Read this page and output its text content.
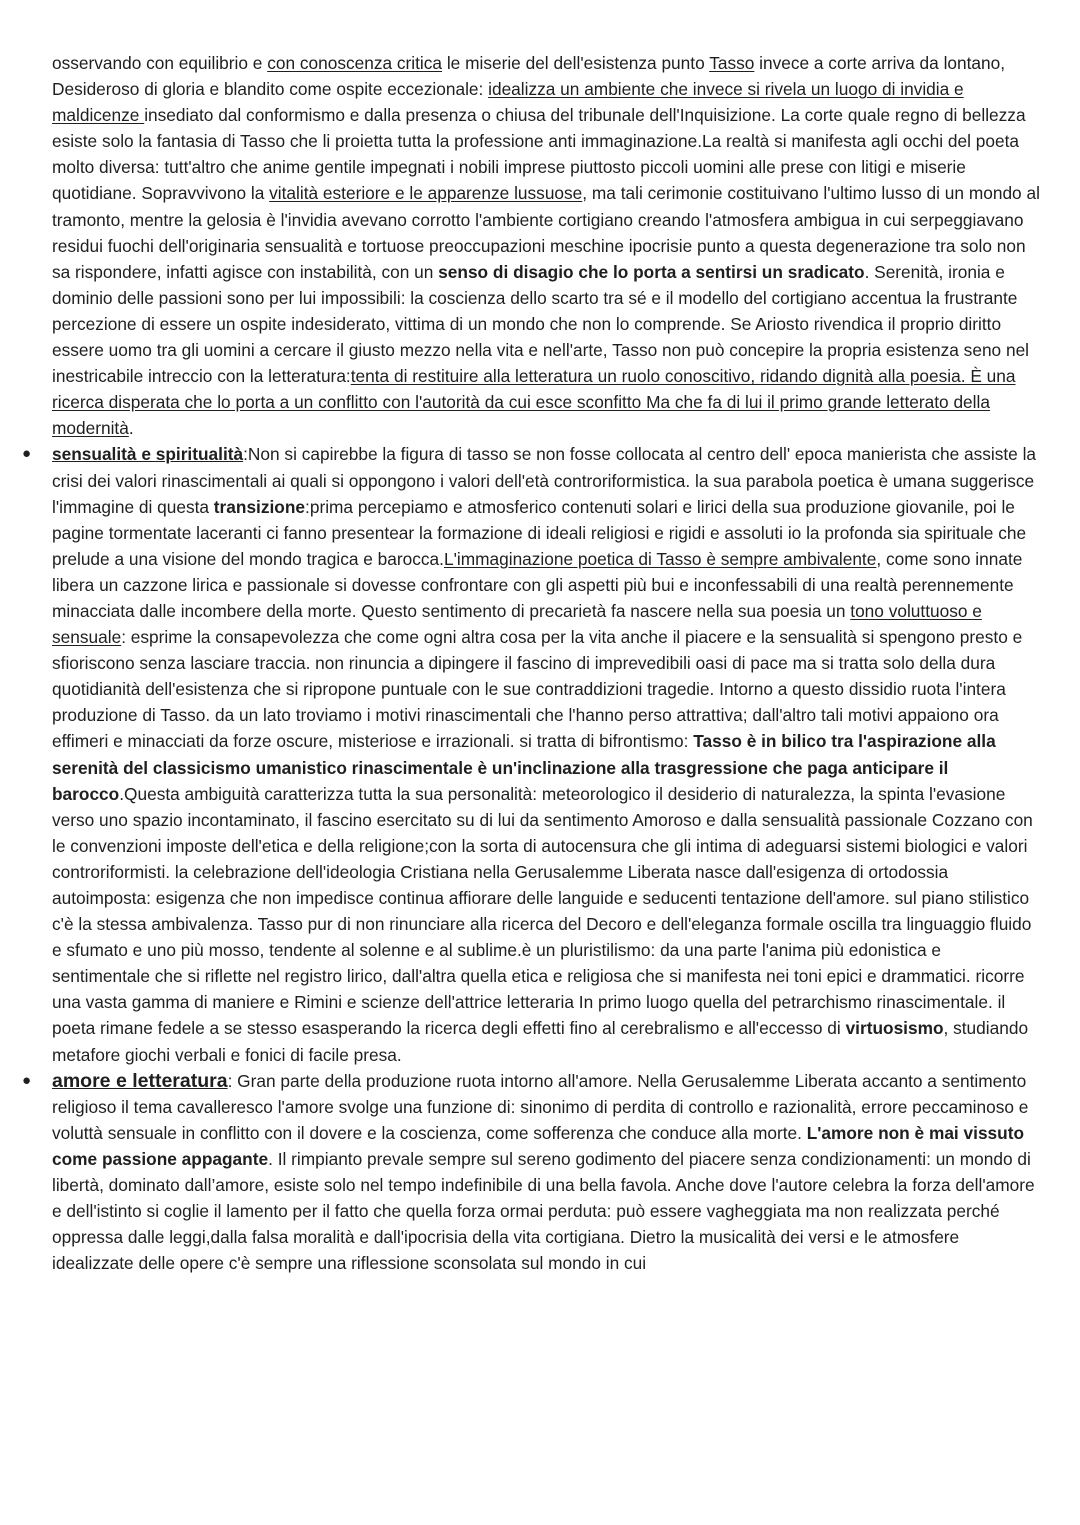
osservando con equilibrio e con conoscenza critica le miserie del dell'esistenza punto Tasso invece a corte arriva da lontano, Desideroso di gloria e blandito come ospite eccezionale: idealizza un ambiente che invece si rivela un luogo di invidia e maldicenze insediato dal conformismo e dalla presenza o chiusa del tribunale dell'Inquisizione. La corte quale regno di bellezza esiste solo la fantasia di Tasso che li proietta tutta la professione anti immaginazione.La realtà si manifesta agli occhi del poeta molto diversa: tutt'altro che anime gentile impegnati i nobili imprese piuttosto piccoli uomini alle prese con litigi e miserie quotidiane. Sopravvivono la vitalità esteriore e le apparenze lussuose, ma tali cerimonie costituivano l'ultimo lusso di un mondo al tramonto, mentre la gelosia è l'invidia avevano corrotto l'ambiente cortigiano creando l'atmosfera ambigua in cui serpeggiavano residui fuochi dell'originaria sensualità e tortuose preoccupazioni meschine ipocrisie punto a questa degenerazione tra solo non sa rispondere, infatti agisce con instabilità, con un senso di disagio che lo porta a sentirsi un sradicato. Serenità, ironia e dominio delle passioni sono per lui impossibili: la coscienza dello scarto tra sé e il modello del cortigiano accentua la frustrante percezione di essere un ospite indesiderato, vittima di un mondo che non lo comprende. Se Ariosto rivendica il proprio diritto essere uomo tra gli uomini a cercare il giusto mezzo nella vita e nell'arte, Tasso non può concepire la propria esistenza seno nel inestricabile intreccio con la letteratura:tenta di restituire alla letteratura un ruolo conoscitivo, ridando dignità alla poesia. È una ricerca disperata che lo porta a un conflitto con l'autorità da cui esce sconfitto Ma che fa di lui il primo grande letterato della modernità.

● sensualità e spiritualità:Non si capirebbe la figura di tasso se non fosse collocata al centro dell' epoca manierista che assiste la crisi dei valori rinascimentali ai quali si oppongono i valori dell'età controriformistica. la sua parabola poetica è umana suggerisce l'immagine di questa transizione:prima percepiamo e atmosferico contenuti solari e lirici della sua produzione giovanile, poi le pagine tormentate laceranti ci fanno presentear la formazione di ideali religiosi e rigidi e assoluti io la profonda sia spirituale che prelude a una visione del mondo tragica e barocca.L'immaginazione poetica di Tasso è sempre ambivalente, come sono innate libera un cazzone lirica e passionale si dovesse confrontare con gli aspetti più bui e inconfessabili di una realtà perennemente minacciata dalle incombere della morte. Questo sentimento di precarietà fa nascere nella sua poesia un tono voluttuoso e sensuale: esprime la consapevolezza che come ogni altra cosa per la vita anche il piacere e la sensualità si spengono presto e sfioriscono senza lasciare traccia. non rinuncia a dipingere il fascino di imprevedibili oasi di pace ma si tratta solo della dura quotidianità dell'esistenza che si ripropone puntuale con le sue contraddizioni tragedie. Intorno a questo dissidio ruota l'intera produzione di Tasso. da un lato troviamo i motivi rinascimentali che l'hanno perso attrattiva; dall'altro tali motivi appaiono ora effimeri e minacciati da forze oscure, misteriose e irrazionali. si tratta di bifrontismo: Tasso è in bilico tra l'aspirazione alla serenità del classicismo umanistico rinascimentale è un'inclinazione alla trasgressione che paga anticipare il barocco.Questa ambiguità caratterizza tutta la sua personalità: meteorologico il desiderio di naturalezza, la spinta l'evasione verso uno spazio incontaminato, il fascino esercitato su di lui da sentimento Amoroso e dalla sensualità passionale Cozzano con le convenzioni imposte dell'etica e della religione;con la sorta di autocensura che gli intima di adeguarsi sistemi biologici e valori controriformisti. la celebrazione dell'ideologia Cristiana nella Gerusalemme Liberata nasce dall'esigenza di ortodossia autoimposta: esigenza che non impedisce continua affiorare delle languide e seducenti tentazione dell'amore. sul piano stilistico c'è la stessa ambivalenza. Tasso pur di non rinunciare alla ricerca del Decoro e dell'eleganza formale oscilla tra linguaggio fluido e sfumato e uno più mosso, tendente al solenne e al sublime.è un pluristilismo: da una parte l'anima più edonistica e sentimentale che si riflette nel registro lirico, dall'altra quella etica e religiosa che si manifesta nei toni epici e drammatici. ricorre una vasta gamma di maniere e Rimini e scienze dell'attrice letteraria In primo luogo quella del petrarchismo rinascimentale. il poeta rimane fedele a se stesso esasperando la ricerca degli effetti fino al cerebralismo e all'eccesso di virtuosismo, studiando metafore giochi verbali e fonici di facile presa.

● amore e letteratura: Gran parte della produzione ruota intorno all'amore. Nella Gerusalemme Liberata accanto a sentimento religioso il tema cavalleresco l'amore svolge una funzione di: sinonimo di perdita di controllo e razionalità, errore peccaminoso e voluttà sensuale in conflitto con il dovere e la coscienza, come sofferenza che conduce alla morte. L'amore non è mai vissuto come passione appagante. Il rimpianto prevale sempre sul sereno godimento del piacere senza condizionamenti: un mondo di libertà, dominato dall’amore, esiste solo nel tempo indefinibile di una bella favola. Anche dove l'autore celebra la forza dell'amore e dell'istinto si coglie il lamento per il fatto che quella forza ormai perduta: può essere vagheggiata ma non realizzata perché oppressa dalle leggi,dalla falsa moralità e dall'ipocrisia della vita cortigiana. Dietro la musicalità dei versi e le atmosfere idealizzate delle opere c'è sempre una riflessione sconsolata sul mondo in cui
